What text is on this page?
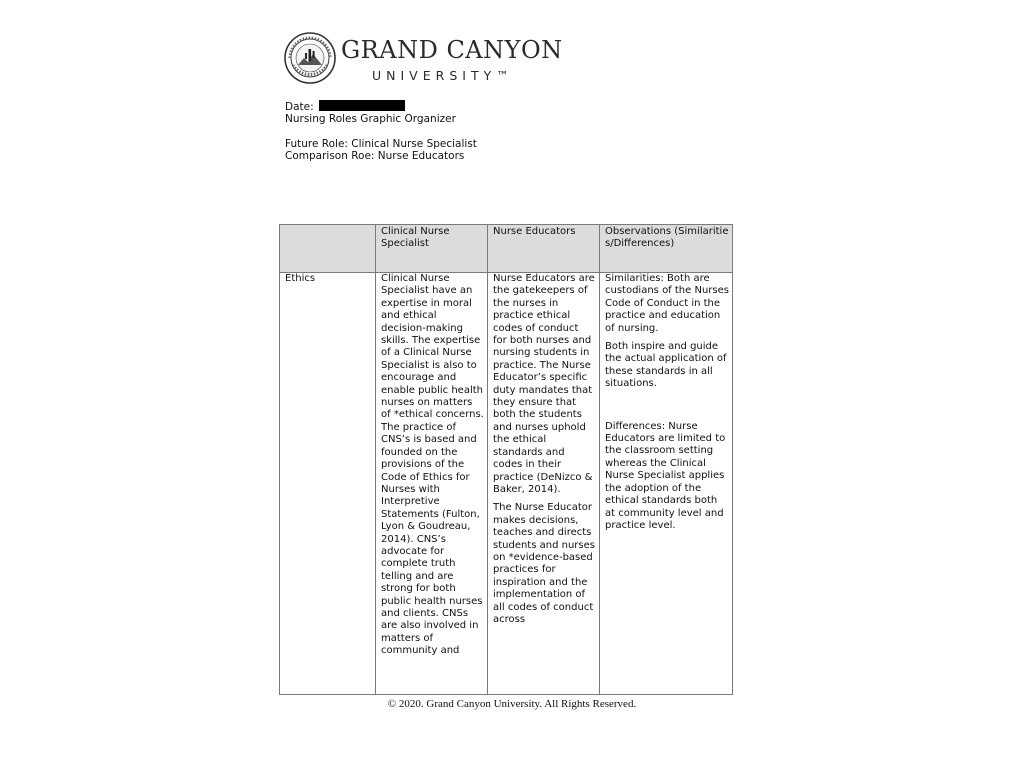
GRAND CANYON
UNIVERSITY™
Date:
Nursing Roles Graphic Organizer
Future Role: Clinical Nurse Specialist
Comparison Roe: Nurse Educators
Clinical Nurse Specialist
Nurse Educators	Observations (Similarities/Differences)
Ethics	Clinical Nurse Specialist have an expertise in moral and ethical decision-making skills. The expertise of a Clinical Nurse Specialist is also to encourage and enable public health nurses on matters of *ethical concerns. The practice of CNS’s is based and founded on the provisions of the Code of Ethics for Nurses with Interpretive Statements (Fulton, Lyon & Goudreau, 2014). CNS’s advocate for complete truth telling and are strong for both public health nurses and clients. CNSs are also involved in matters of community and

Nurse Educators are the gatekeepers of the nurses in practice ethical codes of conduct for both nurses and nursing students in practice. The Nurse Educator’s specific duty mandates that they ensure that both the students and nurses uphold the ethical standards and codes in their practice (DeNizco & Baker, 2014).

The Nurse Educator makes decisions, teaches and directs students and nurses on *evidence-based practices for inspiration and the implementation of all codes of conduct across

Similarities: Both are custodians of the Nurses Code of Conduct in the practice and education of nursing.

Both inspire and guide the actual application of these standards in all situations.

Differences: Nurse Educators are limited to the classroom setting whereas the Clinical Nurse Specialist applies the adoption of the ethical standards both at community level and practice level.

© 2020. Grand Canyon University. All Rights Reserved.
